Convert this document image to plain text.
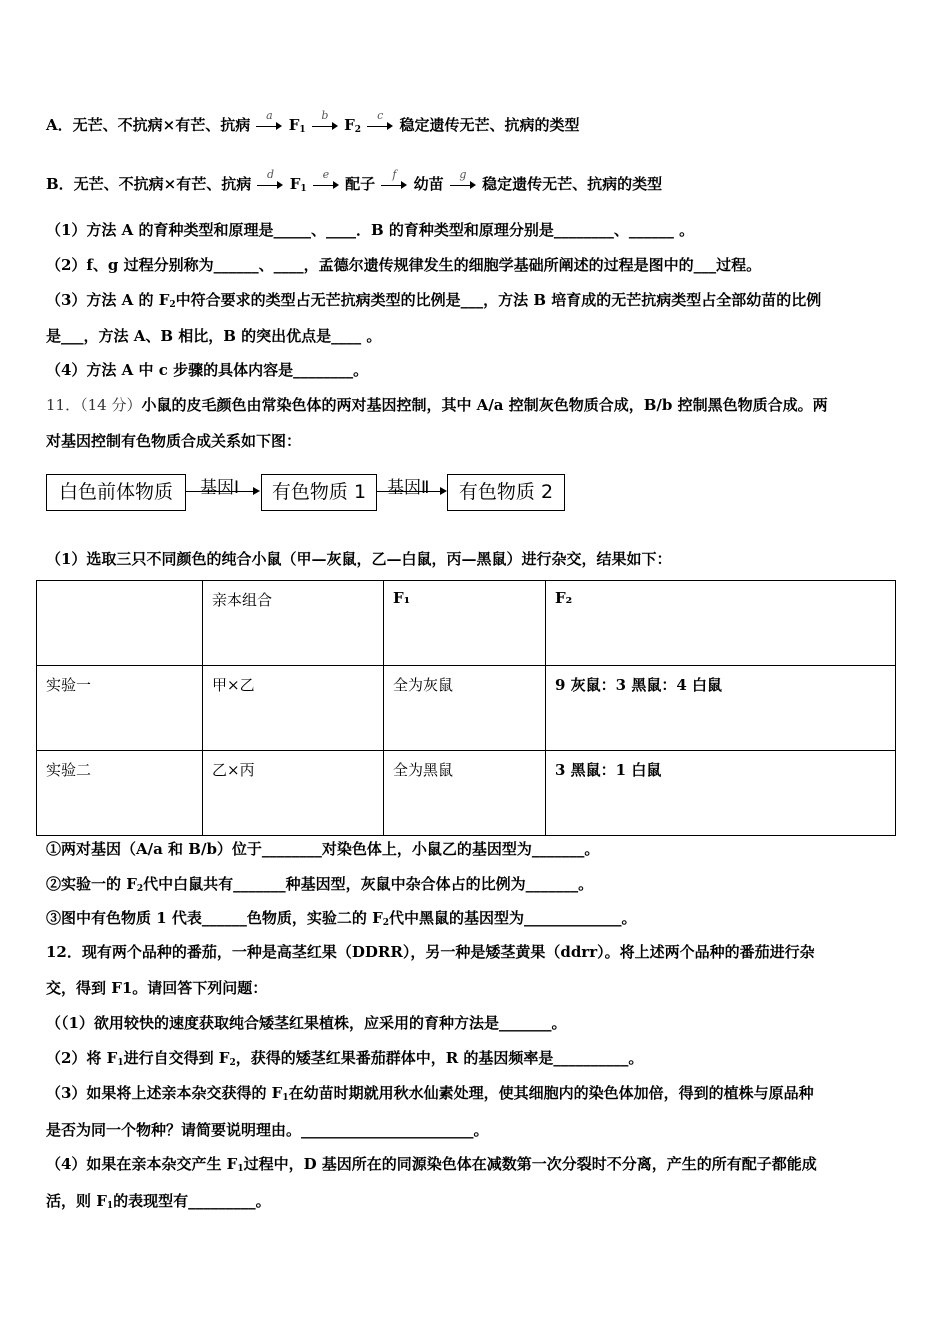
A．无芒、不抗病×有芒、抗病
a
$F_1$
b
$F_2$
c
稳定遗传无芒、抗病的类型
B．无芒、不抗病×有芒、抗病
d
$F_1$
e
配子
f
幼苗
g
稳定遗传无芒、抗病的类型
（1）方法 A 的育种类型和原理是_____、____．B 的育种类型和原理分别是________、______ 。
（2）f、g 过程分别称为______、____，孟德尔遗传规律发生的细胞学基础所阐述的过程是图中的___过程。
（3）方法 A 的 $F_2$中符合要求的类型占无芒抗病类型的比例是___，方法 B 培育成的无芒抗病类型占全部幼苗的比例
是___，方法 A、B 相比，B 的突出优点是____ 。
（4）方法 A 中 c 步骤的具体内容是________。
11．（14 分）小鼠的皮毛颜色由常染色体的两对基因控制，其中 A/a 控制灰色物质合成，B/b 控制黑色物质合成。两
对基因控制有色物质合成关系如下图：
白色前体物质	基因Ⅰ	有色物质 1	基因Ⅱ	有色物质 2
（1）选取三只不同颜色的纯合小鼠（甲—灰鼠，乙—白鼠，丙—黑鼠）进行杂交，结果如下：
	亲本组合	F₁	F₂
实验一	甲×乙	全为灰鼠	9 灰鼠：3 黑鼠：4 白鼠
实验二	乙×丙	全为黑鼠	3 黑鼠：1 白鼠
①两对基因（A/a 和 B/b）位于________对染色体上，小鼠乙的基因型为_______。
②实验一的 $F_2$代中白鼠共有_______种基因型，灰鼠中杂合体占的比例为_______。
③图中有色物质 1 代表______色物质，实验二的 $F_2$代中黑鼠的基因型为_____________。
12．现有两个品种的番茄，一种是高茎红果（DDRR），另一种是矮茎黄果（ddrr）。将上述两个品种的番茄进行杂
交，得到 F1。请回答下列问题：
（（1）欲用较快的速度获取纯合矮茎红果植株，应采用的育种方法是_______。
（2）将 $F_1$进行自交得到 $F_2$，获得的矮茎红果番茄群体中，R 的基因频率是__________。
（3）如果将上述亲本杂交获得的 $F_1$在幼苗时期就用秋水仙素处理，使其细胞内的染色体加倍，得到的植株与原品种
是否为同一个物种？请简要说明理由。_______________________。
（4）如果在亲本杂交产生 $F_1$过程中，D 基因所在的同源染色体在减数第一次分裂时不分离，产生的所有配子都能成
活，则 $F_1$的表现型有_________。
